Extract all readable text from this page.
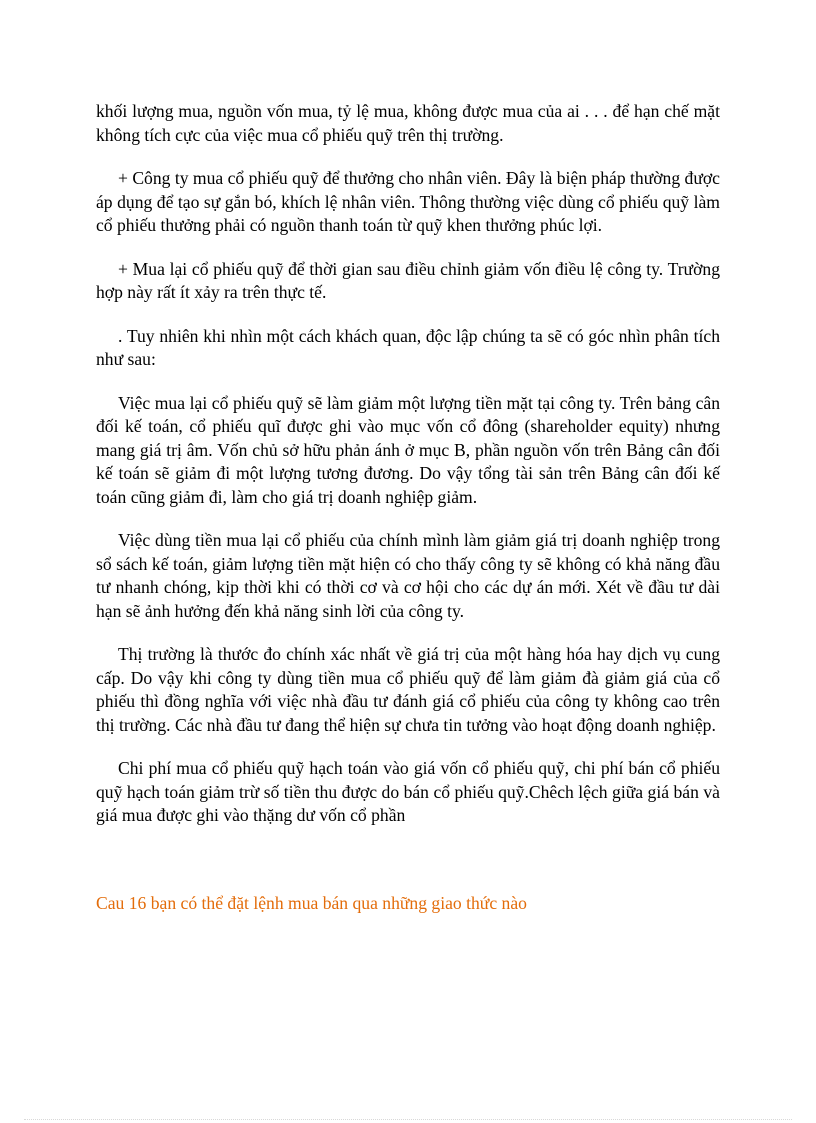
khối lượng mua, nguồn vốn mua, tỷ lệ mua, không được mua của ai . . . để hạn chế mặt không tích cực của việc mua cổ phiếu quỹ trên thị trường.

+ Công ty mua cổ phiếu quỹ để thưởng cho nhân viên. Đây là biện pháp thường được áp dụng để tạo sự gắn bó, khích lệ nhân viên. Thông thường việc dùng cổ phiếu quỹ làm cổ phiếu thưởng phải có nguồn thanh toán từ quỹ khen thưởng phúc lợi.

+ Mua lại cổ phiếu quỹ để thời gian sau điều chỉnh giảm vốn điều lệ công ty. Trường hợp này rất ít xảy ra trên thực tế.

. Tuy nhiên khi nhìn một cách khách quan, độc lập chúng ta sẽ có góc nhìn phân tích như sau:

Việc mua lại cổ phiếu quỹ sẽ làm giảm một lượng tiền mặt tại công ty. Trên bảng cân đối kế toán, cổ phiếu quĩ được ghi vào mục vốn cổ đông (shareholder equity) nhưng mang giá trị âm. Vốn chủ sở hữu phản ánh ở mục B, phần nguồn vốn trên Bảng cân đối kế toán sẽ giảm đi một lượng tương đương. Do vậy tổng tài sản trên Bảng cân đối kế toán cũng giảm đi, làm cho giá trị doanh nghiệp giảm.

Việc dùng tiền mua lại cổ phiếu của chính mình làm giảm giá trị doanh nghiệp trong sổ sách kế toán, giảm lượng tiền mặt hiện có cho thấy công ty sẽ không có khả năng đầu tư nhanh chóng, kịp thời khi có thời cơ và cơ hội cho các dự án mới. Xét về đầu tư dài hạn sẽ ảnh hưởng đến khả năng sinh lời của công ty.

Thị trường là thước đo chính xác nhất về giá trị của một hàng hóa hay dịch vụ cung cấp. Do vậy khi công ty dùng tiền mua cổ phiếu quỹ để làm giảm đà giảm giá của cổ phiếu thì đồng nghĩa với việc nhà đầu tư đánh giá cổ phiếu của công ty không cao trên thị trường. Các nhà đầu tư đang thể hiện sự chưa tin tưởng vào hoạt động doanh nghiệp.

Chi phí mua cổ phiếu quỹ hạch toán vào giá vốn cổ phiếu quỹ, chi phí bán cổ phiếu quỹ hạch toán giảm trừ số tiền thu được do bán cổ phiếu quỹ.Chêch lệch giữa giá bán và giá mua được ghi vào thặng dư vốn cổ phần

Cau 16 bạn có thể đặt lệnh mua bán qua những giao thức nào
